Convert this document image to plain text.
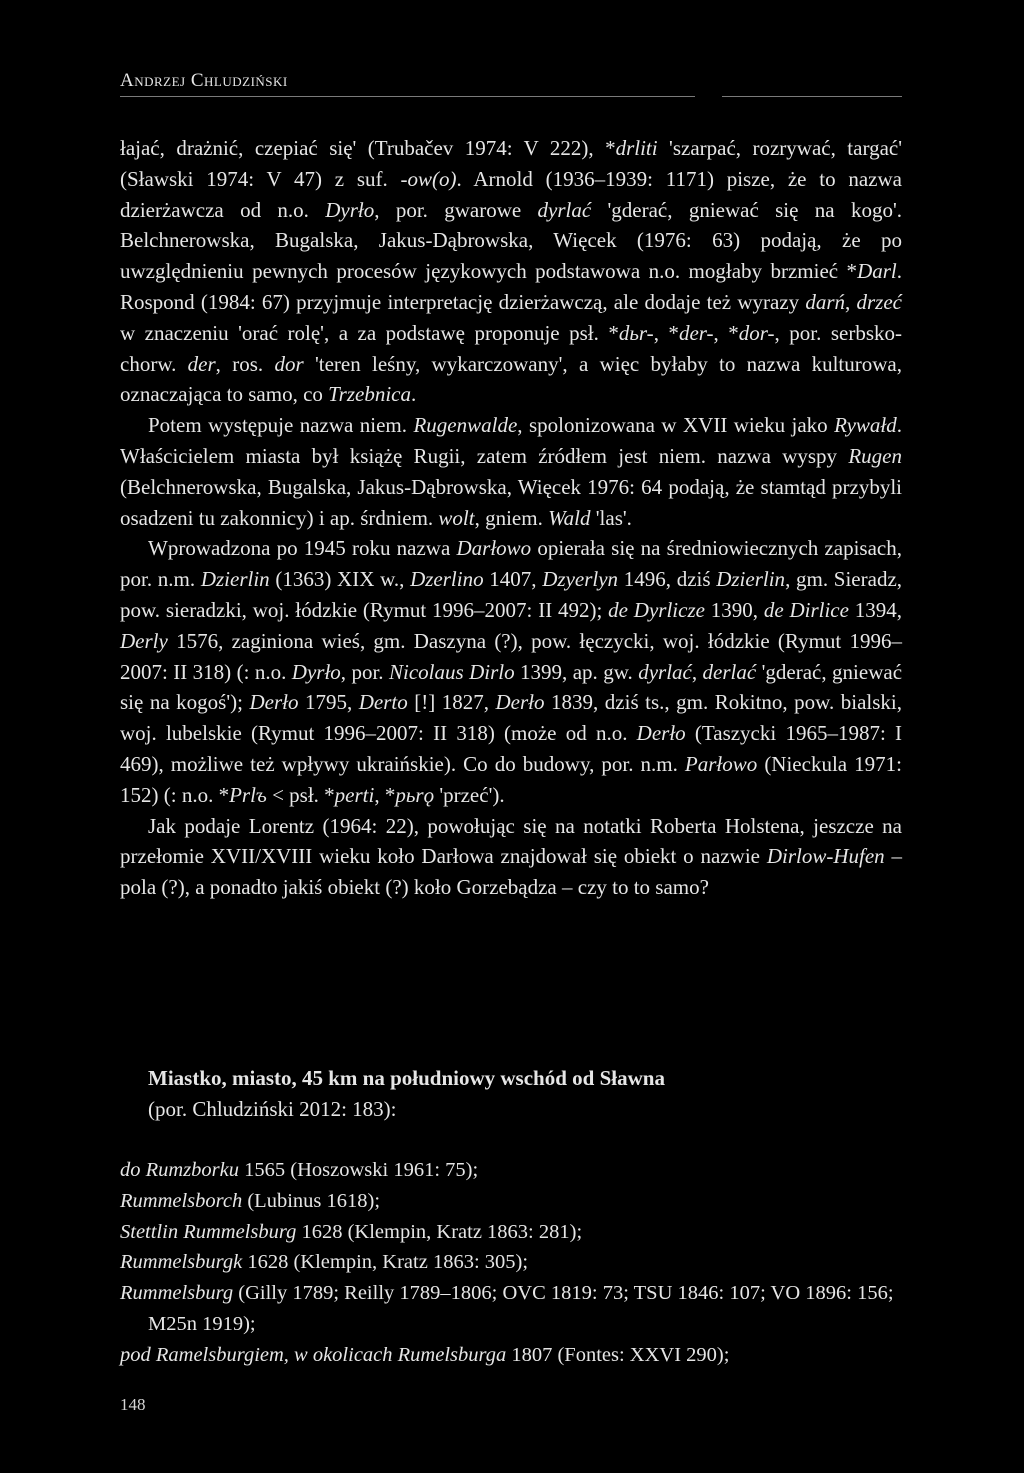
Andrzej Chludziński

łajać, drażnić, czepiać się' (Trubačev 1974: V 222), *drliti 'szarpać, rozrywać, targać' (Sławski 1974: V 47) z suf. -ow(o). Arnold (1936–1939: 1171) pisze, że to nazwa dzierżawcza od n.o. Dyrło, por. gwarowe dyrlać 'gderać, gniewać się na kogo'. Belchnerowska, Bugalska, Jakus-Dąbrowska, Więcek (1976: 63) podają, że po uwzględnieniu pewnych procesów językowych podstawowa n.o. mogłaby brzmieć *Darl. Rospond (1984: 67) przyjmuje interpretację dzierżawczą, ale dodaje też wyrazy darń, drzeć w znaczeniu 'orać rolę', a za podstawę proponuje psł. *dьr-, *der-, *dor-, por. serbsko-chorw. der, ros. dor 'teren leśny, wykarczowany', a więc byłaby to nazwa kulturowa, oznaczająca to samo, co Trzebnica.

Potem występuje nazwa niem. Rugenwalde, spolonizowana w XVII wieku jako Rywałd. Właścicielem miasta był książę Rugii, zatem źródłem jest niem. nazwa wyspy Rugen (Belchnerowska, Bugalska, Jakus-Dąbrowska, Więcek 1976: 64 podają, że stamtąd przybyli osadzeni tu zakonnicy) i ap. śrdniem. wolt, gniem. Wald 'las'.

Wprowadzona po 1945 roku nazwa Darłowo opierała się na średniowiecznych zapisach, por. n.m. Dzierlin (1363) XIX w., Dzerlino 1407, Dzyerlyn 1496, dziś Dzierlin, gm. Sieradz, pow. sieradzki, woj. łódzkie (Rymut 1996–2007: II 492); de Dyrlicze 1390, de Dirlice 1394, Derly 1576, zaginiona wieś, gm. Daszyna (?), pow. łęczycki, woj. łódzkie (Rymut 1996–2007: II 318) (: n.o. Dyrło, por. Nicolaus Dirlo 1399, ap. gw. dyrlać, derlać 'gderać, gniewać się na kogoś'); Derło 1795, Derto [!] 1827, Derło 1839, dziś ts., gm. Rokitno, pow. bialski, woj. lubelskie (Rymut 1996–2007: II 318) (może od n.o. Derło (Taszycki 1965–1987: I 469), możliwe też wpływy ukraińskie). Co do budowy, por. n.m. Parłowo (Nieckula 1971: 152) (: n.o. *Prlъ < psł. *perti, *pьrǫ 'przeć').

Jak podaje Lorentz (1964: 22), powołując się na notatki Roberta Holstena, jeszcze na przełomie XVII/XVIII wieku koło Darłowa znajdował się obiekt o nazwie Dirlow-Hufen – pola (?), a ponadto jakiś obiekt (?) koło Gorzebądza – czy to to samo?

Miastko, miasto, 45 km na południowy wschód od Sławna

(por. Chludziński 2012: 183):

do Rumzborku 1565 (Hoszowski 1961: 75);

Rummelsborch (Lubinus 1618);

Stettlin Rummelsburg 1628 (Klempin, Kratz 1863: 281);

Rummelsburgk 1628 (Klempin, Kratz 1863: 305);

Rummelsburg (Gilly 1789; Reilly 1789–1806; OVC 1819: 73; TSU 1846: 107; VO 1896: 156; M25n 1919);

pod Ramelsburgiem, w okolicach Rumelsburga 1807 (Fontes: XXVI 290);

148
